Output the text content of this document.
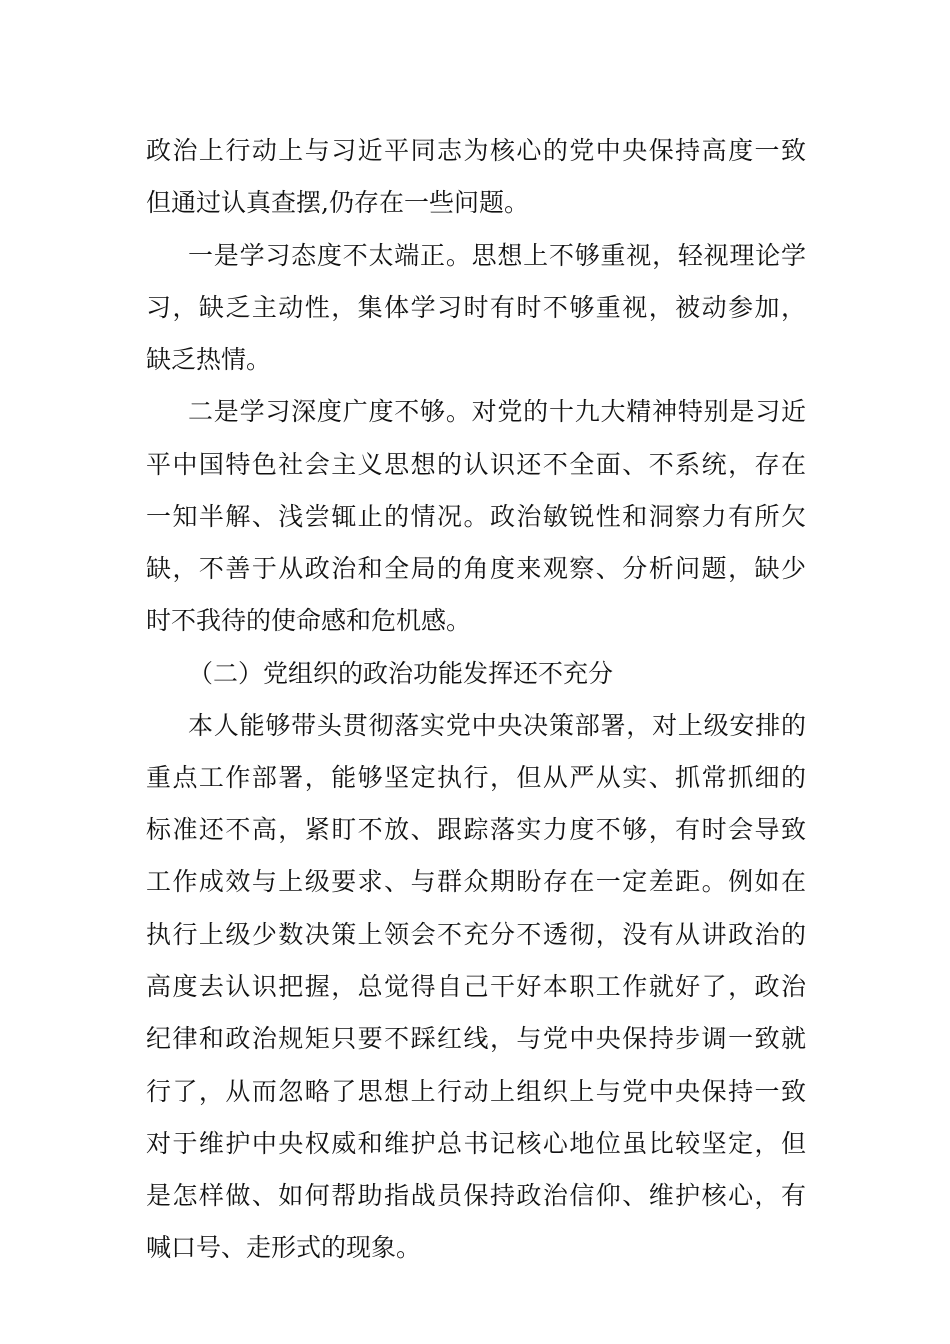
政治上行动上与习近平同志为核心的党中央保持高度一致
但通过认真查摆,仍存在一些问题。
一是学习态度不太端正。思想上不够重视，轻视理论学
习，缺乏主动性，集体学习时有时不够重视，被动参加，
缺乏热情。
二是学习深度广度不够。对党的十九大精神特别是习近
平中国特色社会主义思想的认识还不全面、不系统，存在
一知半解、浅尝辄止的情况。政治敏锐性和洞察力有所欠
缺，不善于从政治和全局的角度来观察、分析问题，缺少
时不我待的使命感和危机感。
（二）党组织的政治功能发挥还不充分
本人能够带头贯彻落实党中央决策部署，对上级安排的
重点工作部署，能够坚定执行，但从严从实、抓常抓细的
标准还不高，紧盯不放、跟踪落实力度不够，有时会导致
工作成效与上级要求、与群众期盼存在一定差距。例如在
执行上级少数决策上领会不充分不透彻，没有从讲政治的
高度去认识把握，总觉得自己干好本职工作就好了，政治
纪律和政治规矩只要不踩红线，与党中央保持步调一致就
行了，从而忽略了思想上行动上组织上与党中央保持一致
对于维护中央权威和维护总书记核心地位虽比较坚定，但
是怎样做、如何帮助指战员保持政治信仰、维护核心，有
喊口号、走形式的现象。
